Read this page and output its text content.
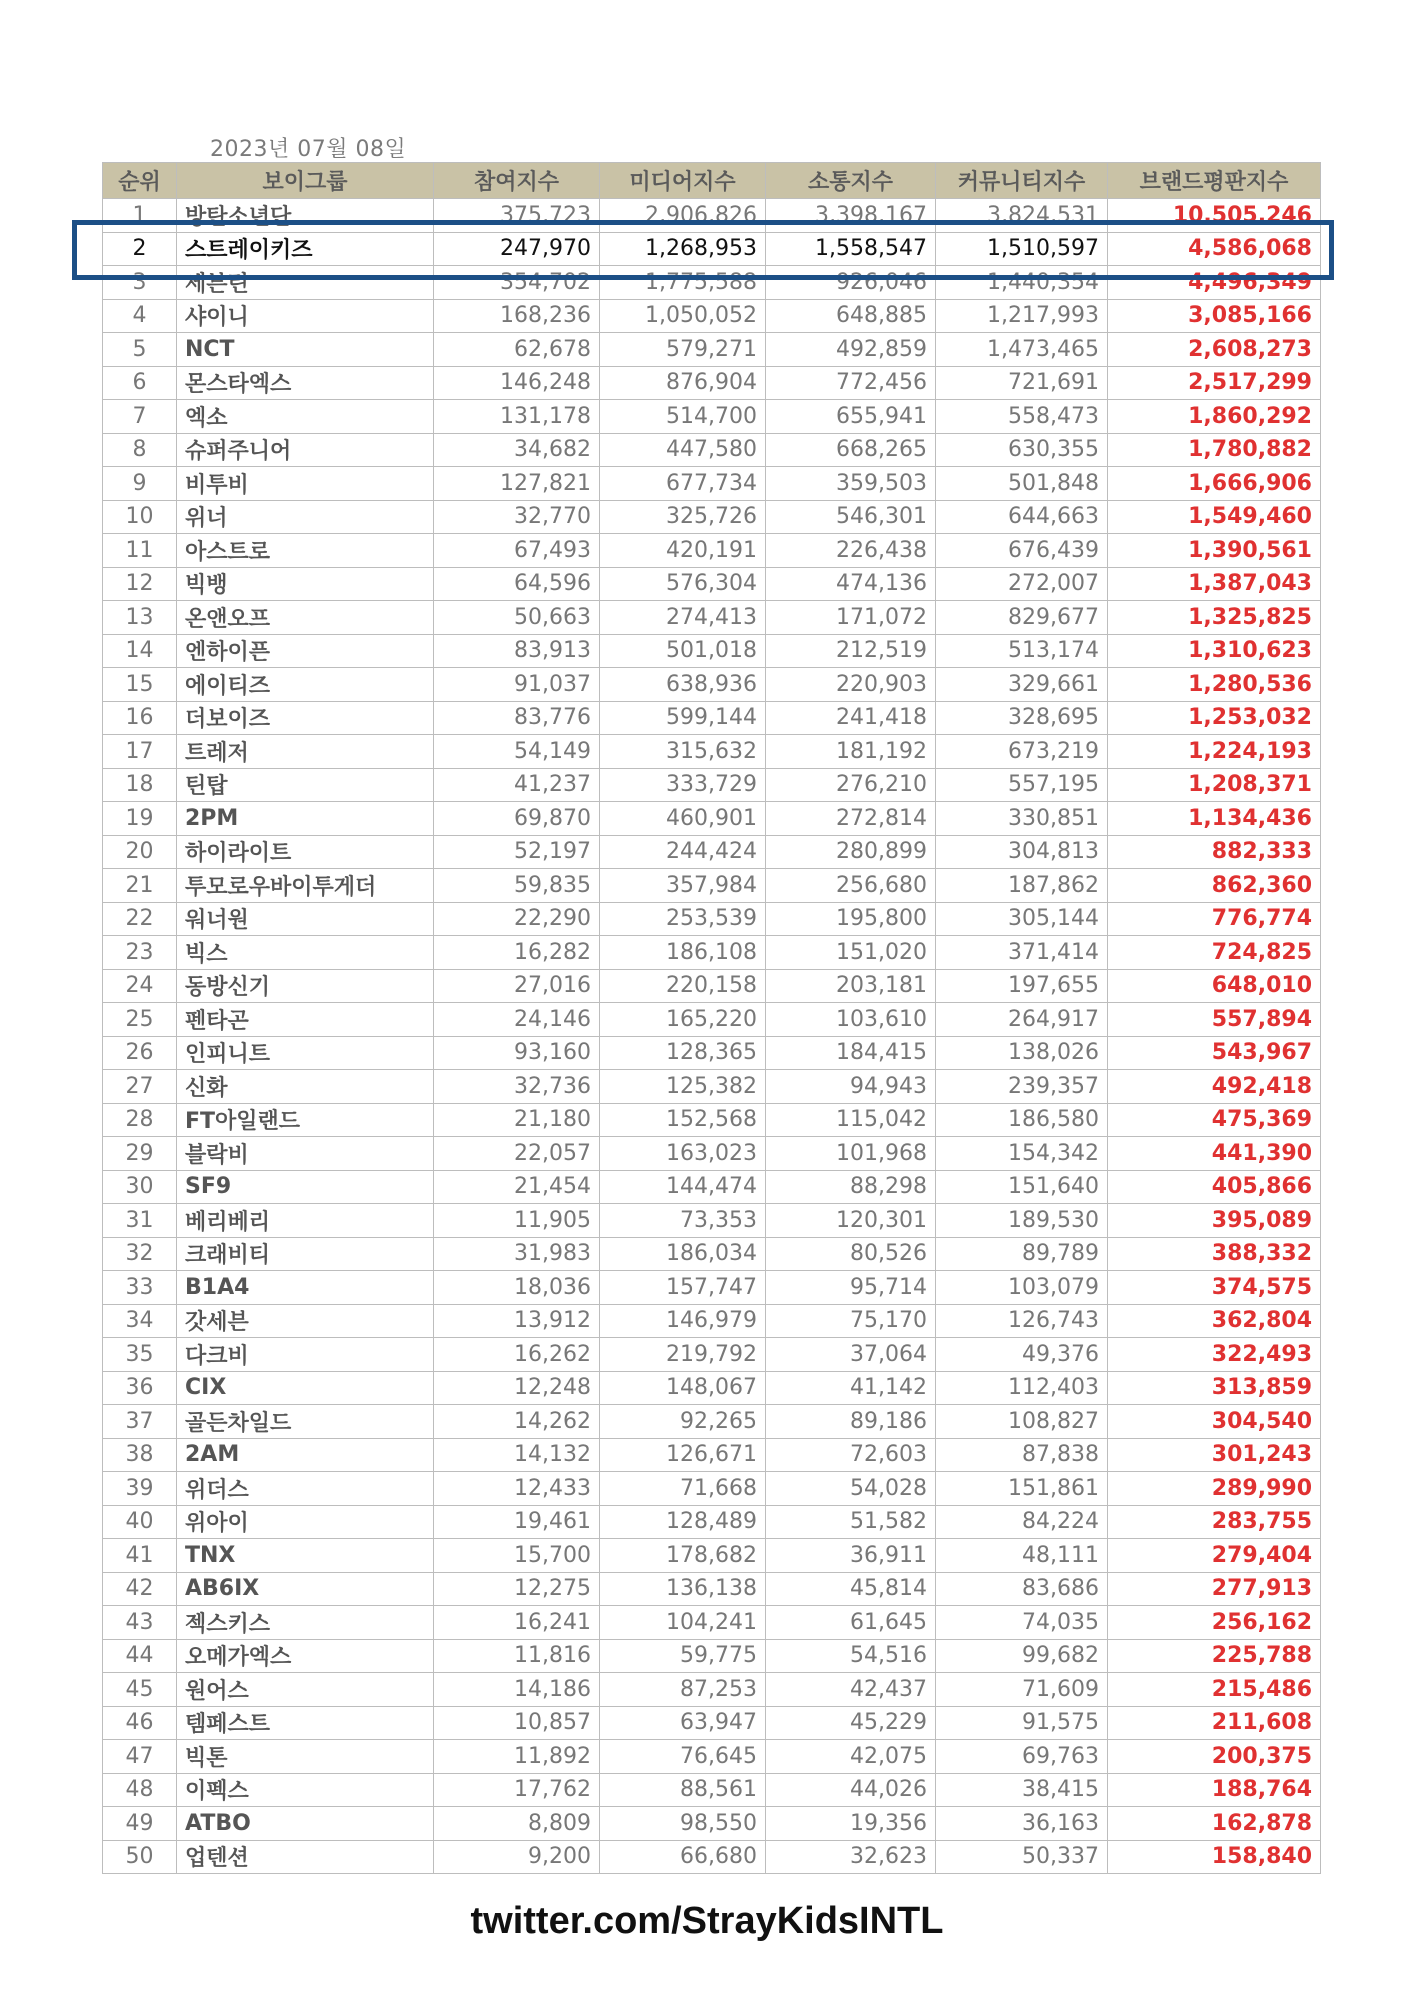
2023년 07월 08일
순위	보이그룹	참여지수	미디어지수	소통지수	커뮤니티지수	브랜드평판지수
1	방탄소년단	375,723	2,906,826	3,398,167	3,824,531	10,505,246
2	스트레이키즈	247,970	1,268,953	1,558,547	1,510,597	4,586,068
3	세븐틴	354,702	1,775,588	926,046	1,440,354	4,496,349
4	샤이니	168,236	1,050,052	648,885	1,217,993	3,085,166
5	NCT	62,678	579,271	492,859	1,473,465	2,608,273
6	몬스타엑스	146,248	876,904	772,456	721,691	2,517,299
7	엑소	131,178	514,700	655,941	558,473	1,860,292
8	슈퍼주니어	34,682	447,580	668,265	630,355	1,780,882
9	비투비	127,821	677,734	359,503	501,848	1,666,906
10	위너	32,770	325,726	546,301	644,663	1,549,460
11	아스트로	67,493	420,191	226,438	676,439	1,390,561
12	빅뱅	64,596	576,304	474,136	272,007	1,387,043
13	온앤오프	50,663	274,413	171,072	829,677	1,325,825
14	엔하이픈	83,913	501,018	212,519	513,174	1,310,623
15	에이티즈	91,037	638,936	220,903	329,661	1,280,536
16	더보이즈	83,776	599,144	241,418	328,695	1,253,032
17	트레저	54,149	315,632	181,192	673,219	1,224,193
18	틴탑	41,237	333,729	276,210	557,195	1,208,371
19	2PM	69,870	460,901	272,814	330,851	1,134,436
20	하이라이트	52,197	244,424	280,899	304,813	882,333
21	투모로우바이투게더	59,835	357,984	256,680	187,862	862,360
22	워너원	22,290	253,539	195,800	305,144	776,774
23	빅스	16,282	186,108	151,020	371,414	724,825
24	동방신기	27,016	220,158	203,181	197,655	648,010
25	펜타곤	24,146	165,220	103,610	264,917	557,894
26	인피니트	93,160	128,365	184,415	138,026	543,967
27	신화	32,736	125,382	94,943	239,357	492,418
28	FT아일랜드	21,180	152,568	115,042	186,580	475,369
29	블락비	22,057	163,023	101,968	154,342	441,390
30	SF9	21,454	144,474	88,298	151,640	405,866
31	베리베리	11,905	73,353	120,301	189,530	395,089
32	크래비티	31,983	186,034	80,526	89,789	388,332
33	B1A4	18,036	157,747	95,714	103,079	374,575
34	갓세븐	13,912	146,979	75,170	126,743	362,804
35	다크비	16,262	219,792	37,064	49,376	322,493
36	CIX	12,248	148,067	41,142	112,403	313,859
37	골든차일드	14,262	92,265	89,186	108,827	304,540
38	2AM	14,132	126,671	72,603	87,838	301,243
39	위더스	12,433	71,668	54,028	151,861	289,990
40	위아이	19,461	128,489	51,582	84,224	283,755
41	TNX	15,700	178,682	36,911	48,111	279,404
42	AB6IX	12,275	136,138	45,814	83,686	277,913
43	젝스키스	16,241	104,241	61,645	74,035	256,162
44	오메가엑스	11,816	59,775	54,516	99,682	225,788
45	원어스	14,186	87,253	42,437	71,609	215,486
46	템페스트	10,857	63,947	45,229	91,575	211,608
47	빅톤	11,892	76,645	42,075	69,763	200,375
48	이펙스	17,762	88,561	44,026	38,415	188,764
49	ATBO	8,809	98,550	19,356	36,163	162,878
50	업텐션	9,200	66,680	32,623	50,337	158,840
twitter.com/StrayKidsINTL
